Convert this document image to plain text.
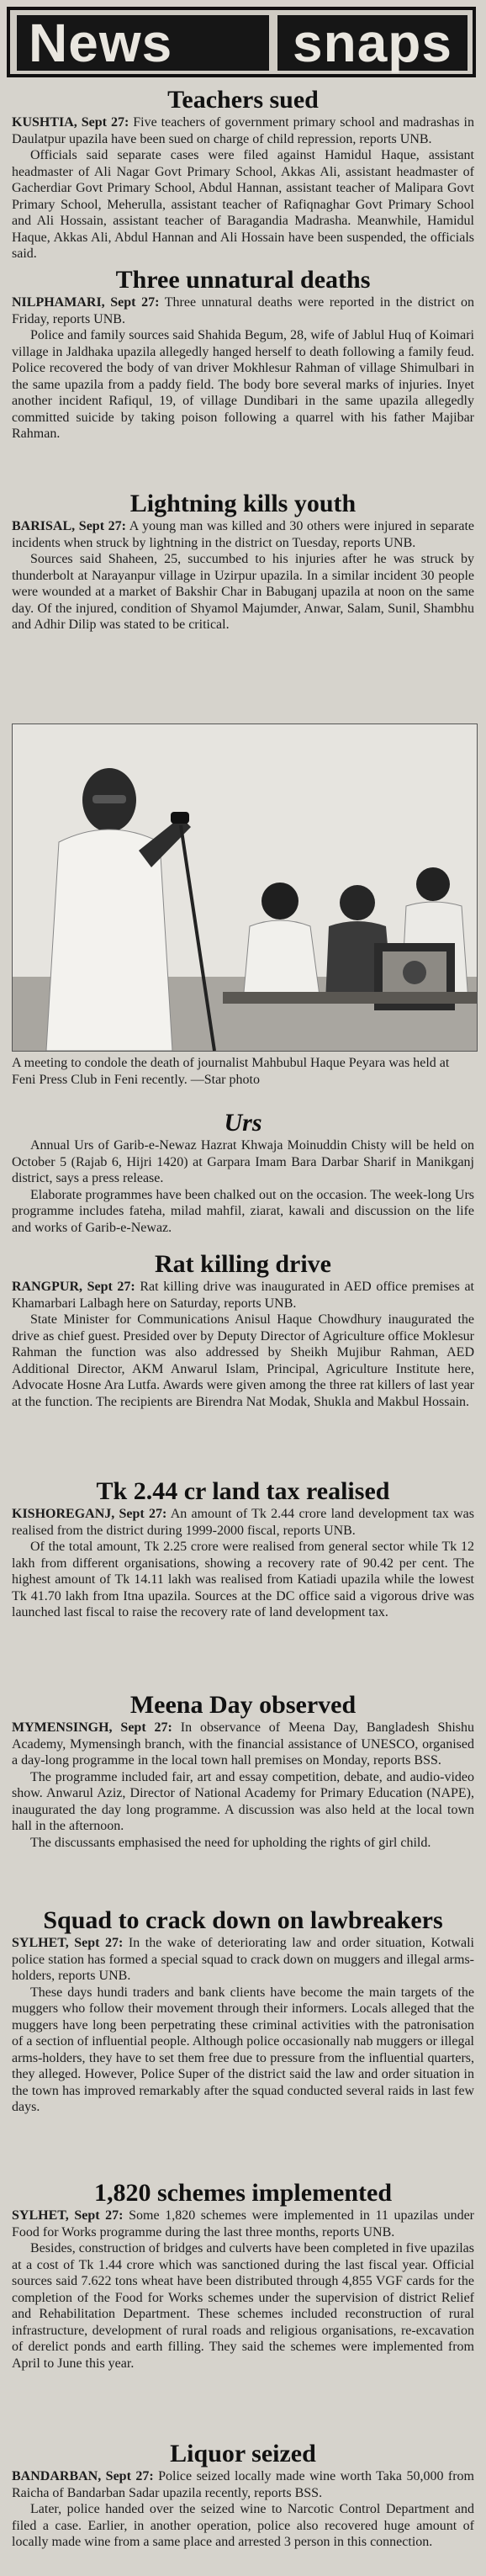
News	snaps
Teachers sued

KUSHTIA, Sept 27: Five teachers of government primary school and madrashas in Daulatpur upazila have been sued on charge of child repression, reports UNB.

Officials said separate cases were filed against Hamidul Haque, assistant headmaster of Ali Nagar Govt Primary School, Akkas Ali, assistant headmaster of Gacherdiar Govt Primary School, Abdul Hannan, assistant teacher of Malipara Govt Primary School, Meherulla, assistant teacher of Rafiqnaghar Govt Primary School and Ali Hossain, assistant teacher of Baragandia Madrasha. Meanwhile, Hamidul Haque, Akkas Ali, Abdul Hannan and Ali Hossain have been suspended, the officials said.

Three unnatural deaths

NILPHAMARI, Sept 27: Three unnatural deaths were reported in the district on Friday, reports UNB.

Police and family sources said Shahida Begum, 28, wife of Jablul Huq of Koimari village in Jaldhaka upazila allegedly hanged herself to death following a family feud. Police recovered the body of van driver Mokhlesur Rahman of village Shimulbari in the same upazila from a paddy field. The body bore several marks of injuries. Inyet another incident Rafiqul, 19, of village Dundibari in the same upazila allegedly committed suicide by taking poison following a quarrel with his father Majibar Rahman.

Lightning kills youth

BARISAL, Sept 27: A young man was killed and 30 others were injured in separate incidents when struck by lightning in the district on Tuesday, reports UNB.

Sources said Shaheen, 25, succumbed to his injuries after he was struck by thunderbolt at Narayanpur village in Uzirpur upazila. In a similar incident 30 people were wounded at a market of Bakshir Char in Babuganj upazila at noon on the same day. Of the injured, condition of Shyamol Majumder, Anwar, Salam, Sunil, Shambhu and Adhir Dilip was stated to be critical.

A meeting to condole the death of journalist Mahbubul Haque Peyara was held at Feni Press Club in Feni recently. —Star photo
Urs

Annual Urs of Garib-e-Newaz Hazrat Khwaja Moinuddin Chisty will be held on October 5 (Rajab 6, Hijri 1420) at Garpara Imam Bara Darbar Sharif in Manikganj district, says a press release.

Elaborate programmes have been chalked out on the occasion. The week-long Urs programme includes fateha, milad mahfil, ziarat, kawali and discussion on the life and works of Garib-e-Newaz.

Rat killing drive

RANGPUR, Sept 27: Rat killing drive was inaugurated in AED office premises at Khamarbari Lalbagh here on Saturday, reports UNB.

State Minister for Communications Anisul Haque Chowdhury inaugurated the drive as chief guest. Presided over by Deputy Director of Agriculture office Moklesur Rahman the function was also addressed by Sheikh Mujibur Rahman, AED Additional Director, AKM Anwarul Islam, Principal, Agriculture Institute here, Advocate Hosne Ara Lutfa. Awards were given among the three rat killers of last year at the function. The recipients are Birendra Nat Modak, Shukla and Makbul Hossain.

Tk 2.44 cr land tax realised

KISHOREGANJ, Sept 27: An amount of Tk 2.44 crore land development tax was realised from the district during 1999-2000 fiscal, reports UNB.

Of the total amount, Tk 2.25 crore were realised from general sector while Tk 12 lakh from different organisations, showing a recovery rate of 90.42 per cent. The highest amount of Tk 14.11 lakh was realised from Katiadi upazila while the lowest Tk 41.70 lakh from Itna upazila. Sources at the DC office said a vigorous drive was launched last fiscal to raise the recovery rate of land development tax.

Meena Day observed

MYMENSINGH, Sept 27: In observance of Meena Day, Bangladesh Shishu Academy, Mymensingh branch, with the financial assistance of UNESCO, organised a day-long programme in the local town hall premises on Monday, reports BSS.

The programme included fair, art and essay competition, debate, and audio-video show. Anwarul Aziz, Director of National Academy for Primary Education (NAPE), inaugurated the day long programme. A discussion was also held at the local town hall in the afternoon.

The discussants emphasised the need for upholding the rights of girl child.

Squad to crack down on lawbreakers

SYLHET, Sept 27: In the wake of deteriorating law and order situation, Kotwali police station has formed a special squad to crack down on muggers and illegal arms-holders, reports UNB.

These days hundi traders and bank clients have become the main targets of the muggers who follow their movement through their informers. Locals alleged that the muggers have long been perpetrating these criminal activities with the patronisation of a section of influential people. Although police occasionally nab muggers or illegal arms-holders, they have to set them free due to pressure from the influential quarters, they alleged. However, Police Super of the district said the law and order situation in the town has improved remarkably after the squad conducted several raids in last few days.

1,820 schemes implemented

SYLHET, Sept 27: Some 1,820 schemes were implemented in 11 upazilas under Food for Works programme during the last three months, reports UNB.

Besides, construction of bridges and culverts have been completed in five upazilas at a cost of Tk 1.44 crore which was sanctioned during the last fiscal year. Official sources said 7.622 tons wheat have been distributed through 4,855 VGF cards for the completion of the Food for Works schemes under the supervision of district Relief and Rehabilitation Department. These schemes included reconstruction of rural infrastructure, development of rural roads and religious organisations, re-excavation of derelict ponds and earth filling. They said the schemes were implemented from April to June this year.

Liquor seized

BANDARBAN, Sept 27: Police seized locally made wine worth Taka 50,000 from Raicha of Bandarban Sadar upazila recently, reports BSS.

Later, police handed over the seized wine to Narcotic Control Department and filed a case. Earlier, in another operation, police also recovered huge amount of locally made wine from a same place and arrested 3 person in this connection.
